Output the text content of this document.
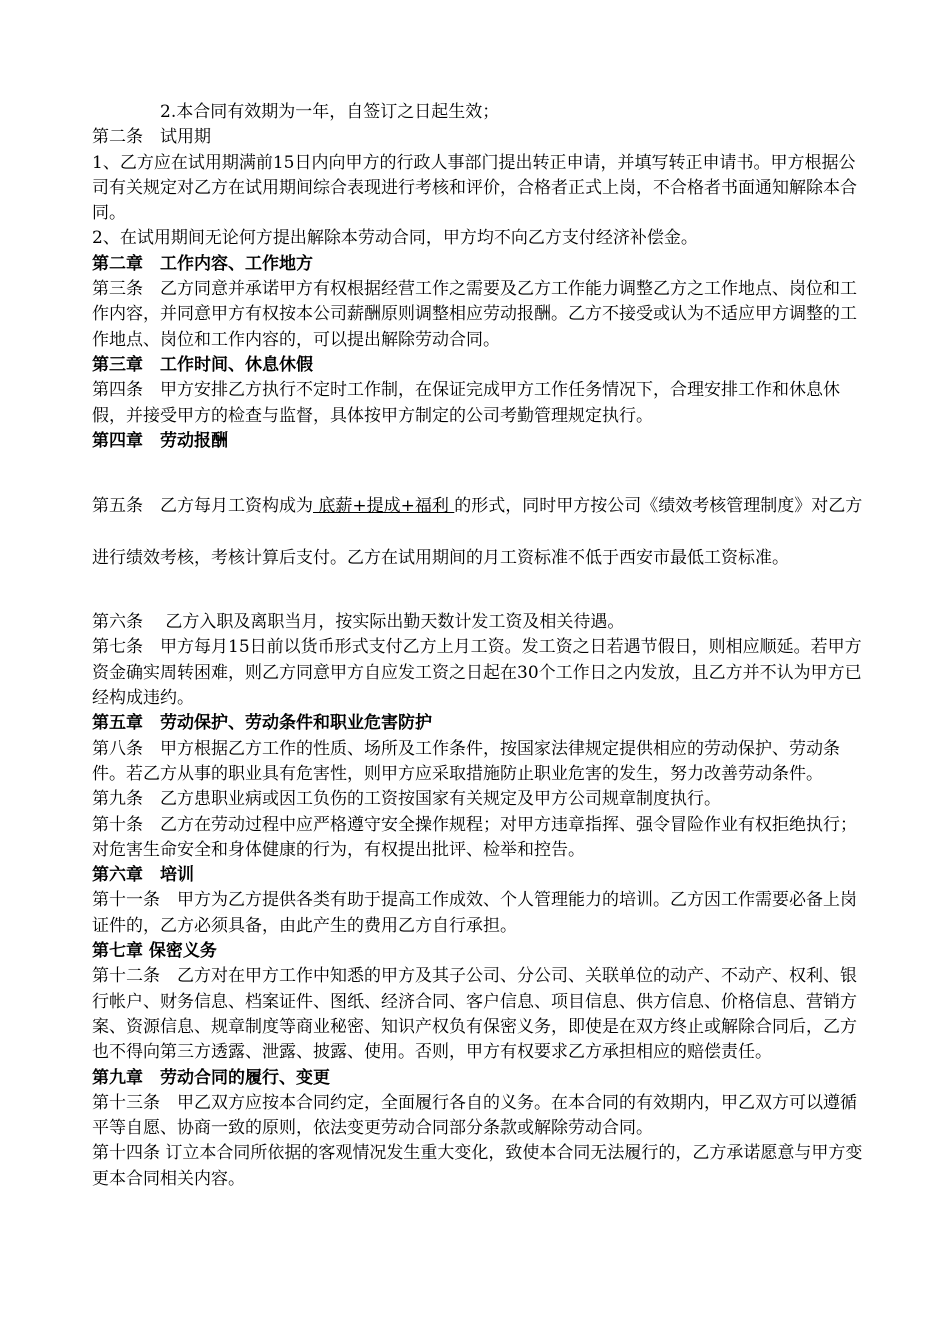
2.本合同有效期为一年，自签订之日起生效；

第二条　试用期

1、乙方应在试用期满前15日内向甲方的行政人事部门提出转正申请，并填写转正申请书。甲方根据公司有关规定对乙方在试用期间综合表现进行考核和评价，合格者正式上岗，不合格者书面通知解除本合同。

2、在试用期间无论何方提出解除本劳动合同，甲方均不向乙方支付经济补偿金。

第二章　工作内容、工作地方

第三条　乙方同意并承诺甲方有权根据经营工作之需要及乙方工作能力调整乙方之工作地点、岗位和工作内容，并同意甲方有权按本公司薪酬原则调整相应劳动报酬。乙方不接受或认为不适应甲方调整的工作地点、岗位和工作内容的，可以提出解除劳动合同。

第三章　工作时间、休息休假

第四条　甲方安排乙方执行不定时工作制，在保证完成甲方工作任务情况下，合理安排工作和休息休假，并接受甲方的检查与监督，具体按甲方制定的公司考勤管理规定执行。

第四章　劳动报酬

第五条　乙方每月工资构成为 底薪+提成+福利 的形式，同时甲方按公司《绩效考核管理制度》对乙方进行绩效考核，考核计算后支付。乙方在试用期间的月工资标准不低于西安市最低工资标准。

第六条　 乙方入职及离职当月，按实际出勤天数计发工资及相关待遇。

第七条　甲方每月15日前以货币形式支付乙方上月工资。发工资之日若遇节假日，则相应顺延。若甲方资金确实周转困难，则乙方同意甲方自应发工资之日起在30个工作日之内发放，且乙方并不认为甲方已经构成违约。

第五章　劳动保护、劳动条件和职业危害防护

第八条　甲方根据乙方工作的性质、场所及工作条件，按国家法律规定提供相应的劳动保护、劳动条件。若乙方从事的职业具有危害性，则甲方应采取措施防止职业危害的发生，努力改善劳动条件。

第九条　乙方患职业病或因工负伤的工资按国家有关规定及甲方公司规章制度执行。

第十条　乙方在劳动过程中应严格遵守安全操作规程；对甲方违章指挥、强令冒险作业有权拒绝执行；对危害生命安全和身体健康的行为，有权提出批评、检举和控告。

第六章　培训

第十一条　甲方为乙方提供各类有助于提高工作成效、个人管理能力的培训。乙方因工作需要必备上岗证件的，乙方必须具备，由此产生的费用乙方自行承担。

第七章 保密义务

第十二条　乙方对在甲方工作中知悉的甲方及其子公司、分公司、关联单位的动产、不动产、权利、银行帐户、财务信息、档案证件、图纸、经济合同、客户信息、项目信息、供方信息、价格信息、营销方案、资源信息、规章制度等商业秘密、知识产权负有保密义务，即使是在双方终止或解除合同后，乙方也不得向第三方透露、泄露、披露、使用。否则，甲方有权要求乙方承担相应的赔偿责任。

第九章　劳动合同的履行、变更

第十三条　甲乙双方应按本合同约定，全面履行各自的义务。在本合同的有效期内，甲乙双方可以遵循平等自愿、协商一致的原则，依法变更劳动合同部分条款或解除劳动合同。

第十四条 订立本合同所依据的客观情况发生重大变化，致使本合同无法履行的，乙方承诺愿意与甲方变更本合同相关内容。
